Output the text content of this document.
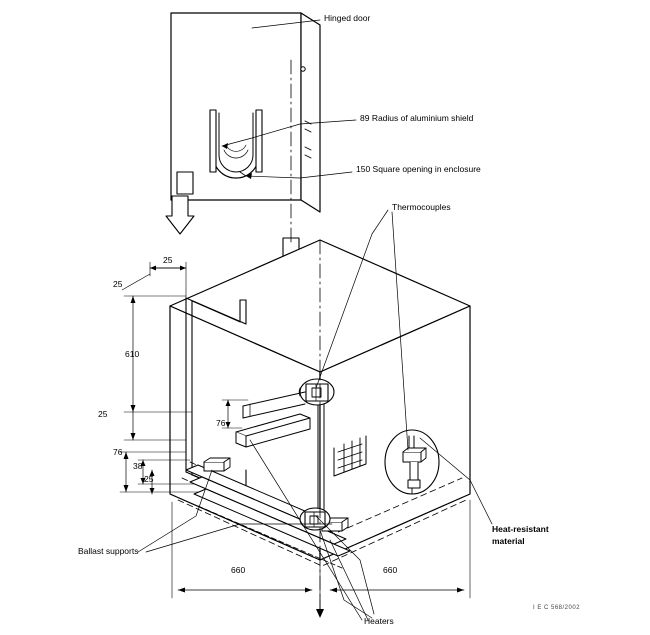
Hinged door
89 Radius of aluminium shield
150 Square opening in enclosure
Thermocouples
Ballast supports
Heaters
Heat-resistant
material
I E C 568/2002
25
25
610
25
76
38
25
76
660	660
